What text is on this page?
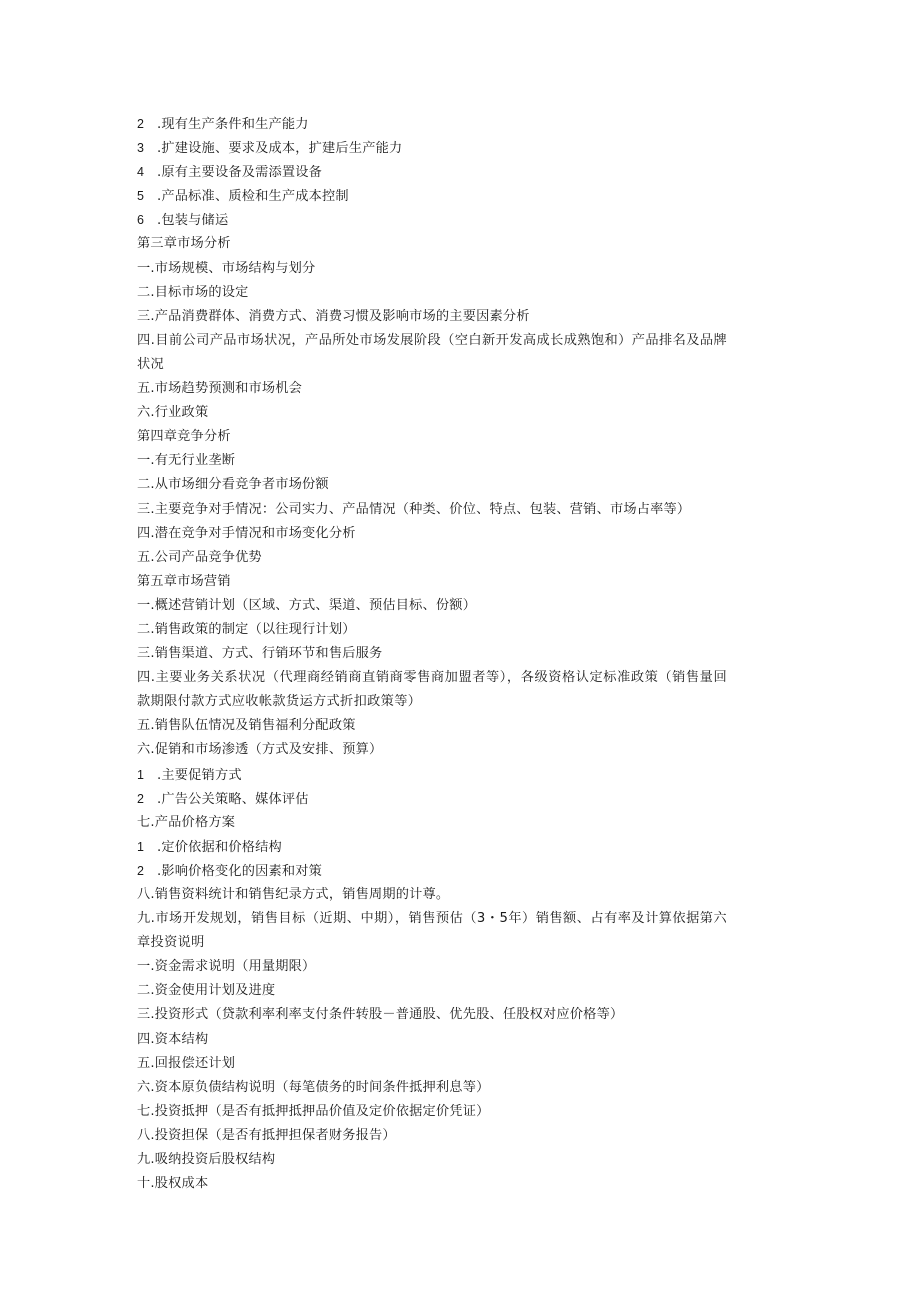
2 .现有生产条件和生产能力
3 .扩建设施、要求及成本，扩建后生产能力
4 .原有主要设备及需添置设备
5 .产品标准、质检和生产成本控制
6 .包装与储运
第三章市场分析
一.市场规模、市场结构与划分
二.目标市场的设定
三.产品消费群体、消费方式、消费习惯及影响市场的主要因素分析
四.目前公司产品市场状况，产品所处市场发展阶段（空白新开发高成长成熟饱和）产品排名及品牌状况
五.市场趋势预测和市场机会
六.行业政策
第四章竞争分析
一.有无行业垄断
二.从市场细分看竞争者市场份额
三.主要竞争对手情况：公司实力、产品情况（种类、价位、特点、包装、营销、市场占率等）
四.潜在竞争对手情况和市场变化分析
五.公司产品竞争优势
第五章市场营销
一.概述营销计划（区域、方式、渠道、预估目标、份额）
二.销售政策的制定（以往现行计划）
三.销售渠道、方式、行销环节和售后服务
四.主要业务关系状况（代理商经销商直销商零售商加盟者等），各级资格认定标准政策（销售量回款期限付款方式应收帐款货运方式折扣政策等）
五.销售队伍情况及销售福利分配政策
六.促销和市场渗透（方式及安排、预算）
1 .主要促销方式
2 .广告公关策略、媒体评估
七.产品价格方案
1 .定价依据和价格结构
2 .影响价格变化的因素和对策
八.销售资料统计和销售纪录方式，销售周期的计尊。
九.市场开发规划，销售目标（近期、中期），销售预估（3・5年）销售额、占有率及计算依据第六章投资说明
一.资金需求说明（用量期限）
二.资金使用计划及进度
三.投资形式（贷款利率利率支付条件转股－普通股、优先股、任股权对应价格等）
四.资本结构
五.回报偿还计划
六.资本原负债结构说明（每笔债务的时间条件抵押利息等）
七.投资抵押（是否有抵押抵押品价值及定价依据定价凭证）
八.投资担保（是否有抵押担保者财务报告）
九.吸纳投资后股权结构
十.股权成本
